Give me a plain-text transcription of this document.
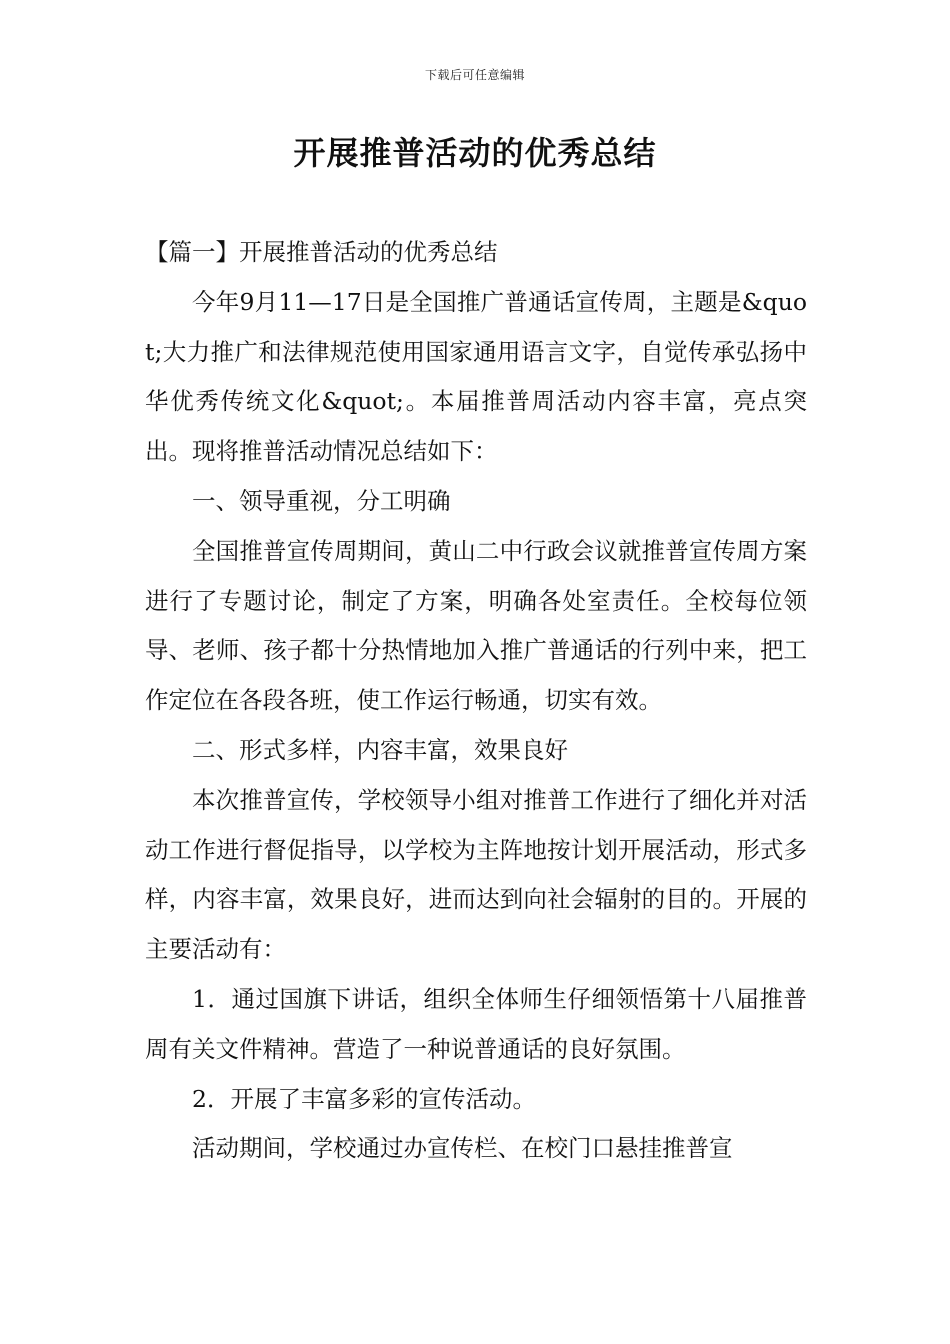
下载后可任意编辑
开展推普活动的优秀总结

【篇一】开展推普活动的优秀总结

今年9月11—17日是全国推广普通话宣传周，主题是&quot;大力推广和法律规范使用国家通用语言文字，自觉传承弘扬中华优秀传统文化&quot;。本届推普周活动内容丰富，亮点突出。现将推普活动情况总结如下：

一、领导重视，分工明确

全国推普宣传周期间，黄山二中行政会议就推普宣传周方案进行了专题讨论，制定了方案，明确各处室责任。全校每位领导、老师、孩子都十分热情地加入推广普通话的行列中来，把工作定位在各段各班，使工作运行畅通，切实有效。

二、形式多样，内容丰富，效果良好

本次推普宣传，学校领导小组对推普工作进行了细化并对活动工作进行督促指导，以学校为主阵地按计划开展活动，形式多样，内容丰富，效果良好，进而达到向社会辐射的目的。开展的主要活动有：

1．通过国旗下讲话，组织全体师生仔细领悟第十八届推普周有关文件精神。营造了一种说普通话的良好氛围。

2．开展了丰富多彩的宣传活动。

活动期间，学校通过办宣传栏、在校门口悬挂推普宣
